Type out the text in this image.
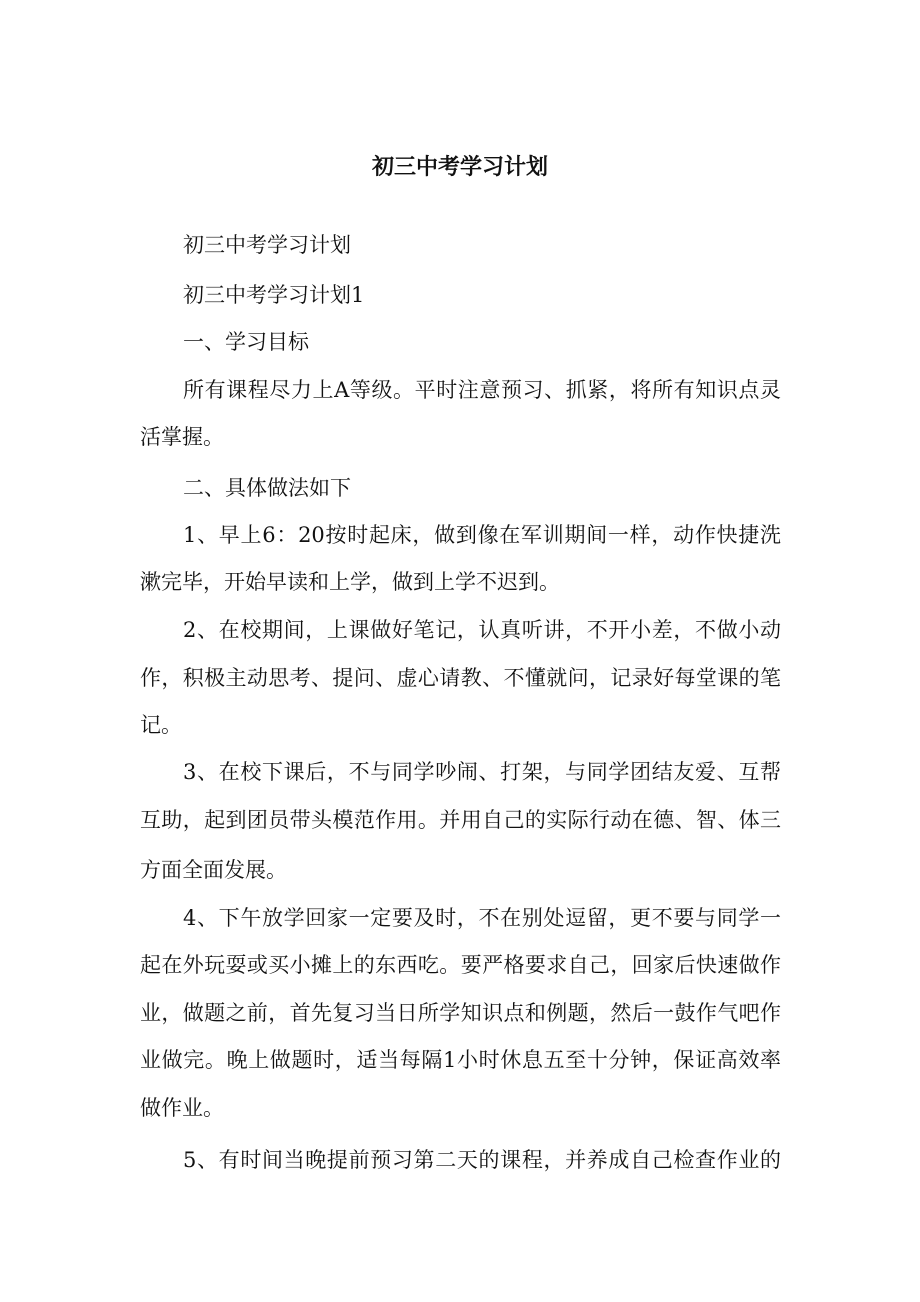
初三中考学习计划
初三中考学习计划
初三中考学习计划1
一、学习目标
所有课程尽力上A等级。平时注意预习、抓紧，将所有知识点灵
活掌握。
二、具体做法如下
1、早上6：20按时起床，做到像在军训期间一样，动作快捷洗
漱完毕，开始早读和上学，做到上学不迟到。
2、在校期间，上课做好笔记，认真听讲，不开小差，不做小动
作，积极主动思考、提问、虚心请教、不懂就问，记录好每堂课的笔
记。
3、在校下课后，不与同学吵闹、打架，与同学团结友爱、互帮
互助，起到团员带头模范作用。并用自己的实际行动在德、智、体三
方面全面发展。
4、下午放学回家一定要及时，不在别处逗留，更不要与同学一
起在外玩耍或买小摊上的东西吃。要严格要求自己，回家后快速做作
业，做题之前，首先复习当日所学知识点和例题，然后一鼓作气吧作
业做完。晚上做题时，适当每隔1小时休息五至十分钟，保证高效率
做作业。
5、有时间当晚提前预习第二天的课程，并养成自己检查作业的
